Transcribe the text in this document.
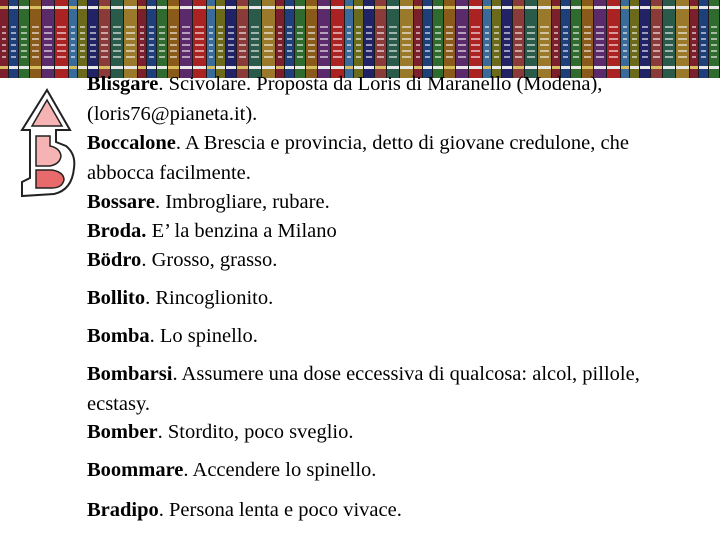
Blisgare. Scivolare. Proposta da Loris di Maranello (Modena),
(loris76@pianeta.it).
Boccalone. A Brescia e provincia, detto di giovane credulone, che
abbocca facilmente.
Bossare. Imbrogliare, rubare.
Broda. E’ la benzina a Milano
Bödro. Grosso, grasso.
Bollito. Rincoglionito.
Bomba. Lo spinello.
Bombarsi. Assumere una dose eccessiva di qualcosa: alcol, pillole,
ecstasy.
Bomber. Stordito, poco sveglio.
Boommare. Accendere lo spinello.
Bradipo. Persona lenta e poco vivace.
